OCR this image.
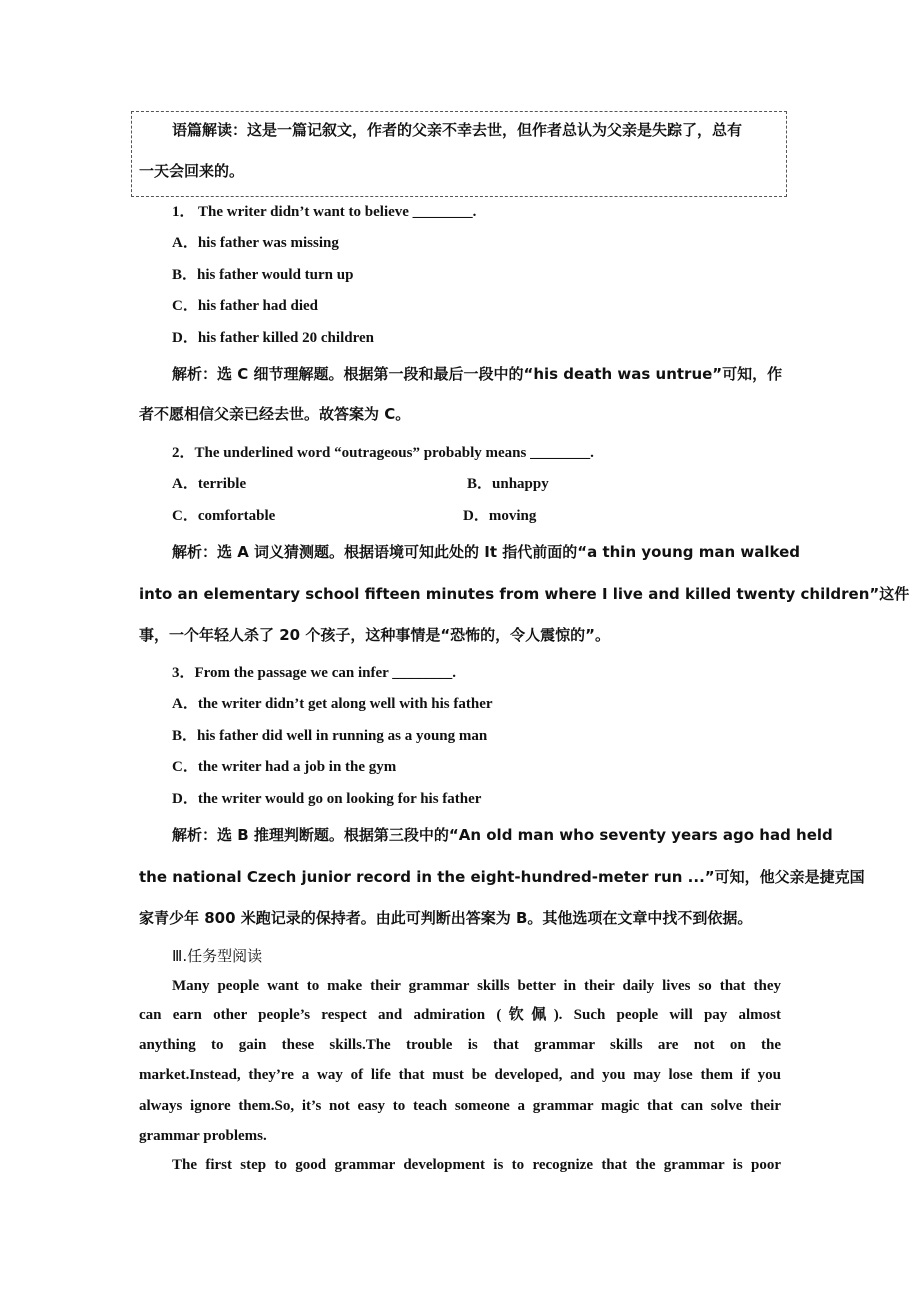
语篇解读：这是一篇记叙文，作者的父亲不幸去世，但作者总认为父亲是失踪了，总有
一天会回来的。
1． The writer didn’t want to believe ________.
A．his father was missing
B．his father would turn up
C．his father had died
D．his father killed 20 children
解析：选 C 细节理解题。根据第一段和最后一段中的“his death was untrue”可知，作
者不愿相信父亲已经去世。故答案为 C。
2．The underlined word “outrageous” probably means ________.
A．terrible	B．unhappy
C．comfortable	D．moving
解析：选 A 词义猜测题。根据语境可知此处的 It 指代前面的“a thin young man walked
into an elementary school fifteen minutes from where I live and killed twenty children”这件
事，一个年轻人杀了 20 个孩子，这种事情是“恐怖的，令人震惊的”。
3．From the passage we can infer ________.
A．the writer didn’t get along well with his father
B．his father did well in running as a young man
C．the writer had a job in the gym
D．the writer would go on looking for his father
解析：选 B 推理判断题。根据第三段中的“An old man who seventy years ago had held
the national Czech junior record in the eight-hundred-meter run ...”可知，他父亲是捷克国
家青少年 800 米跑记录的保持者。由此可判断出答案为 B。其他选项在文章中找不到依据。
Ⅲ.任务型阅读
Many people want to make their grammar skills better in their daily lives so that they
can earn other people’s respect and admiration (钦佩). Such people will pay almost
anything to gain these skills.The trouble is that grammar skills are not on the
market.Instead, they’re a way of life that must be developed, and you may lose them if you
always ignore them.So, it’s not easy to teach someone a grammar magic that can solve their
grammar problems.
The first step to good grammar development is to recognize that the grammar is poor
